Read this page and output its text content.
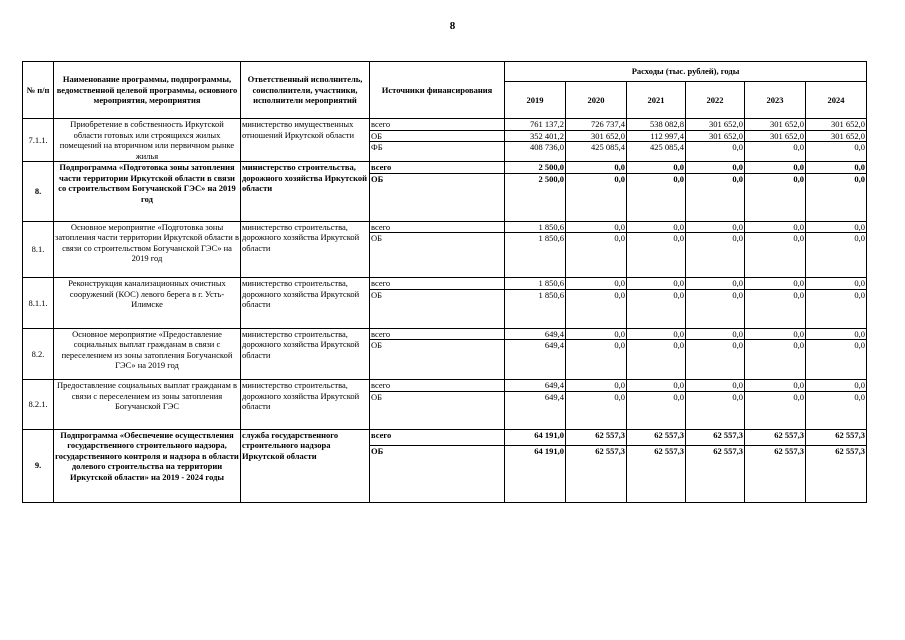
8
№ п/п	Наименование программы, подпрограммы, ведомственной целевой программы, основного мероприятия, мероприятия	Ответственный исполнитель, соисполнители, участники, исполнители мероприятий	Источники финансирования	Расходы (тыс. рублей), годы					
				2019	2020	2021	2022	2023	2024
7.1.1.	Приобретение в собственность Иркутской области готовых или строящихся жилых помещений на вторичном или первичном рынке жилья	министерство имущественных отношений Иркутской области	всего	761 137,2	726 737,4	538 082,8	301 652,0	301 652,0	301 652,0
			ОБ	352 401,2	301 652,0	112 997,4	301 652,0	301 652,0	301 652,0
			ФБ	408 736,0	425 085,4	425 085,4	0,0	0,0	0,0
8.	Подпрограмма «Подготовка зоны затопления части территории Иркутской области в связи со строительством Богучанской ГЭС» на 2019 год	министерство строительства, дорожного хозяйства Иркутской области	всего	2 500,0	0,0	0,0	0,0	0,0	0,0
			ОБ	2 500,0	0,0	0,0	0,0	0,0	0,0
8.1.	Основное мероприятие «Подготовка зоны затопления части территории Иркутской области в связи со строительством Богучанской ГЭС» на 2019 год	министерство строительства, дорожного хозяйства Иркутской области	всего	1 850,6	0,0	0,0	0,0	0,0	0,0
			ОБ	1 850,6	0,0	0,0	0,0	0,0	0,0
8.1.1.	Реконструкция канализационных очистных сооружений (КОС) левого берега в г. Усть-Илимске	министерство строительства, дорожного хозяйства Иркутской области	всего	1 850,6	0,0	0,0	0,0	0,0	0,0
			ОБ	1 850,6	0,0	0,0	0,0	0,0	0,0
8.2.	Основное мероприятие «Предоставление социальных выплат гражданам в связи с переселением из зоны затопления Богучанской ГЭС» на 2019 год	министерство строительства, дорожного хозяйства Иркутской области	всего	649,4	0,0	0,0	0,0	0,0	0,0
			ОБ	649,4	0,0	0,0	0,0	0,0	0,0
8.2.1.	Предоставление социальных выплат гражданам в связи с переселением из зоны затопления Богучанской ГЭС	министерство строительства, дорожного хозяйства Иркутской области	всего	649,4	0,0	0,0	0,0	0,0	0,0
			ОБ	649,4	0,0	0,0	0,0	0,0	0,0
9.	Подпрограмма «Обеспечение осуществления государственного строительного надзора, государственного контроля и надзора в области долевого строительства на территории Иркутской области» на 2019 - 2024 годы	служба государственного строительного надзора Иркутской области	всего	64 191,0	62 557,3	62 557,3	62 557,3	62 557,3	62 557,3
			ОБ	64 191,0	62 557,3	62 557,3	62 557,3	62 557,3	62 557,3
